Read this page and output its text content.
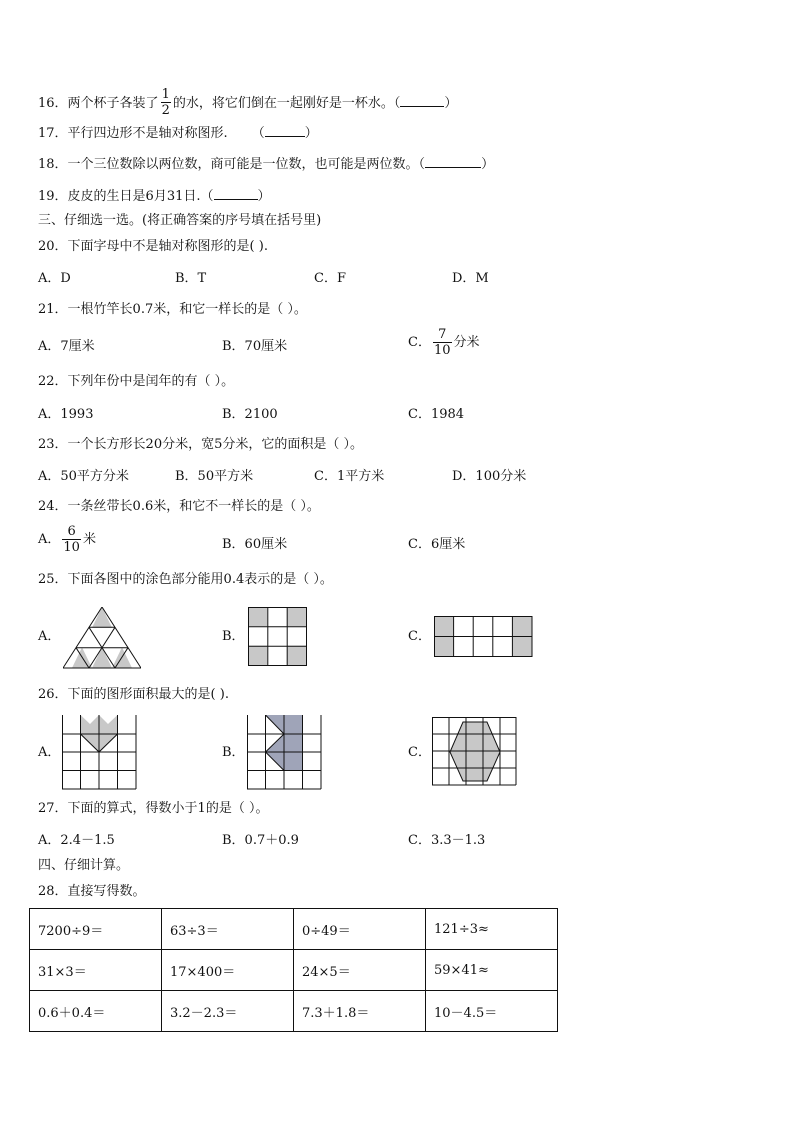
16．两个杯子各装了 $\frac{1}{2}$ 的水，将它们倒在一起刚好是一杯水。（	）
17．平行四边形不是轴对称图形. （	）
18．一个三位数除以两位数，商可能是一位数，也可能是两位数。（	）
19．皮皮的生日是6月31日.（	）
三、仔细选一选。(将正确答案的序号填在括号里)
20．下面字母中不是轴对称图形的是( ).
A．D	B．T	C．F	D．M
21．一根竹竿长0.7米，和它一样长的是（ ）。
A．7厘米	B．70厘米	C． $\frac{7}{10}$ 分米
22．下列年份中是闰年的有（ ）。
A．1993	B．2100	C．1984
23．一个长方形长20分米，宽5分米，它的面积是（ ）。
A．50平方分米	B．50平方米	C．1平方米	D．100分米
24．一条丝带长0.6米，和它不一样长的是（ ）。
A． $\frac{6}{10}$ 米	B．60厘米	C．6厘米
25．下面各图中的涂色部分能用0.4表示的是（ ）。
A．	B．	C．
26．下面的图形面积最大的是( ).
A．	B．	C．
27．下面的算式，得数小于1的是（ ）。
A．2.4－1.5	B．0.7＋0.9	C．3.3－1.3
四、仔细计算。
28．直接写得数。
7200÷9＝	63÷3＝	0÷49＝	121÷3≈
31×3＝	17×400＝	24×5＝	59×41≈
0.6＋0.4＝	3.2－2.3＝	7.3＋1.8＝	10－4.5＝
